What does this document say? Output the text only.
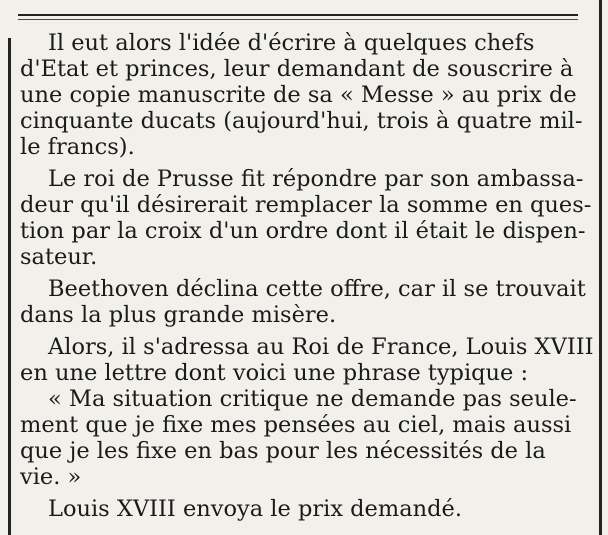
Il eut alors l'idée d'écrire à quelques chefs
d'Etat et princes, leur demandant de souscrire à
une copie manuscrite de sa « Messe » au prix de
cinquante ducats (aujourd'hui, trois à quatre mil-
le francs).

Le roi de Prusse fit répondre par son ambassa-
deur qu'il désirerait remplacer la somme en ques-
tion par la croix d'un ordre dont il était le dispen-
sateur.

Beethoven déclina cette offre, car il se trouvait
dans la plus grande misère.

Alors, il s'adressa au Roi de France, Louis XVIII
en une lettre dont voici une phrase typique :

« Ma situation critique ne demande pas seule-
ment que je fixe mes pensées au ciel, mais aussi
que je les fixe en bas pour les nécessités de la
vie. »

Louis XVIII envoya le prix demandé.
